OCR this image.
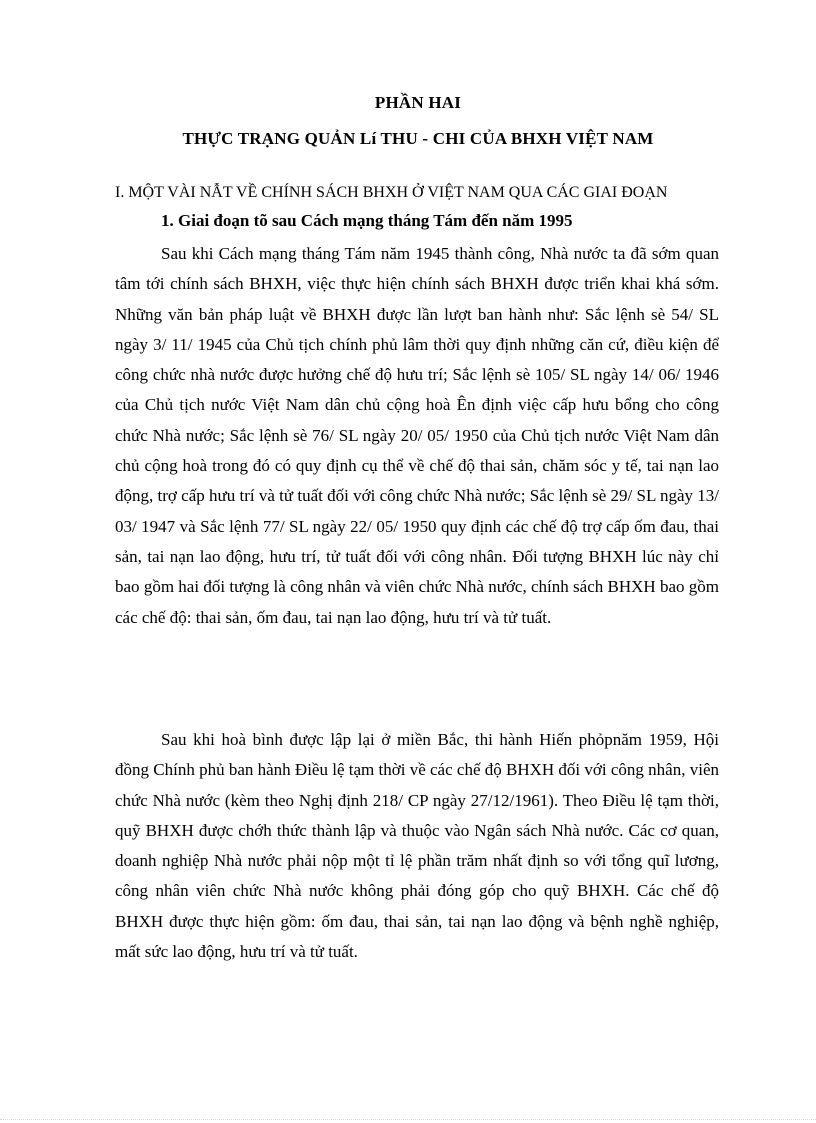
PHẦN HAI
THỰC TRẠNG QUẢN Lí THU - CHI CỦA BHXH VIỆT NAM
I. MỘT VÀI NẪT VỀ CHÍNH SÁCH BHXH Ở VIỆT NAM QUA CÁC GIAI ĐOẠN
1. Giai đoạn tõ sau Cách mạng tháng Tám đến năm 1995

Sau khi Cách mạng tháng Tám năm 1945 thành công, Nhà nước ta đã sớm quan tâm tới chính sách BHXH, việc thực hiện chính sách BHXH được triển khai khá sớm. Những văn bản pháp luật về BHXH được lần lượt ban hành như: Sắc lệnh sè 54/ SL ngày 3/ 11/ 1945 của Chủ tịch chính phủ lâm thời quy định những căn cứ, điều kiện để công chức nhà nước được hưởng chế độ hưu trí; Sắc lệnh sè 105/ SL ngày 14/ 06/ 1946 của Chủ tịch nước Việt Nam dân chủ cộng hoà Ên định việc cấp hưu bổng cho công chức Nhà nước; Sắc lệnh sè 76/ SL ngày 20/ 05/ 1950 của Chủ tịch nước Việt Nam dân chủ cộng hoà trong đó có quy định cụ thể về chế độ thai sản, chăm sóc y tế, tai nạn lao động, trợ cấp hưu trí và tử tuất đối với công chức Nhà nước; Sắc lệnh sè 29/ SL ngày 13/ 03/ 1947 và Sắc lệnh 77/ SL ngày 22/ 05/ 1950 quy định các chế độ trợ cấp ốm đau, thai sản, tai nạn lao động, hưu trí, tử tuất đối với công nhân. Đối tượng BHXH lúc này chỉ bao gồm hai đối tượng là công nhân và viên chức Nhà nước, chính sách BHXH bao gồm các chế độ: thai sản, ốm đau, tai nạn lao động, hưu trí và tử tuất.

Sau khi hoà bình được lập lại ở miền Bắc, thi hành Hiến phỏpnăm 1959, Hội đồng Chính phủ ban hành Điều lệ tạm thời về các chế độ BHXH đối với công nhân, viên chức Nhà nước (kèm theo Nghị định 218/ CP ngày 27/12/1961). Theo Điều lệ tạm thời, quỹ BHXH được chớh thức thành lập và thuộc vào Ngân sách Nhà nước. Các cơ quan, doanh nghiệp Nhà nước phải nộp một tỉ lệ phần trăm nhất định so với tổng quĩ lương, công nhân viên chức Nhà nước không phải đóng góp cho quỹ BHXH. Các chế độ BHXH được thực hiện gồm: ốm đau, thai sản, tai nạn lao động và bệnh nghề nghiệp, mất sức lao động, hưu trí và tử tuất.
